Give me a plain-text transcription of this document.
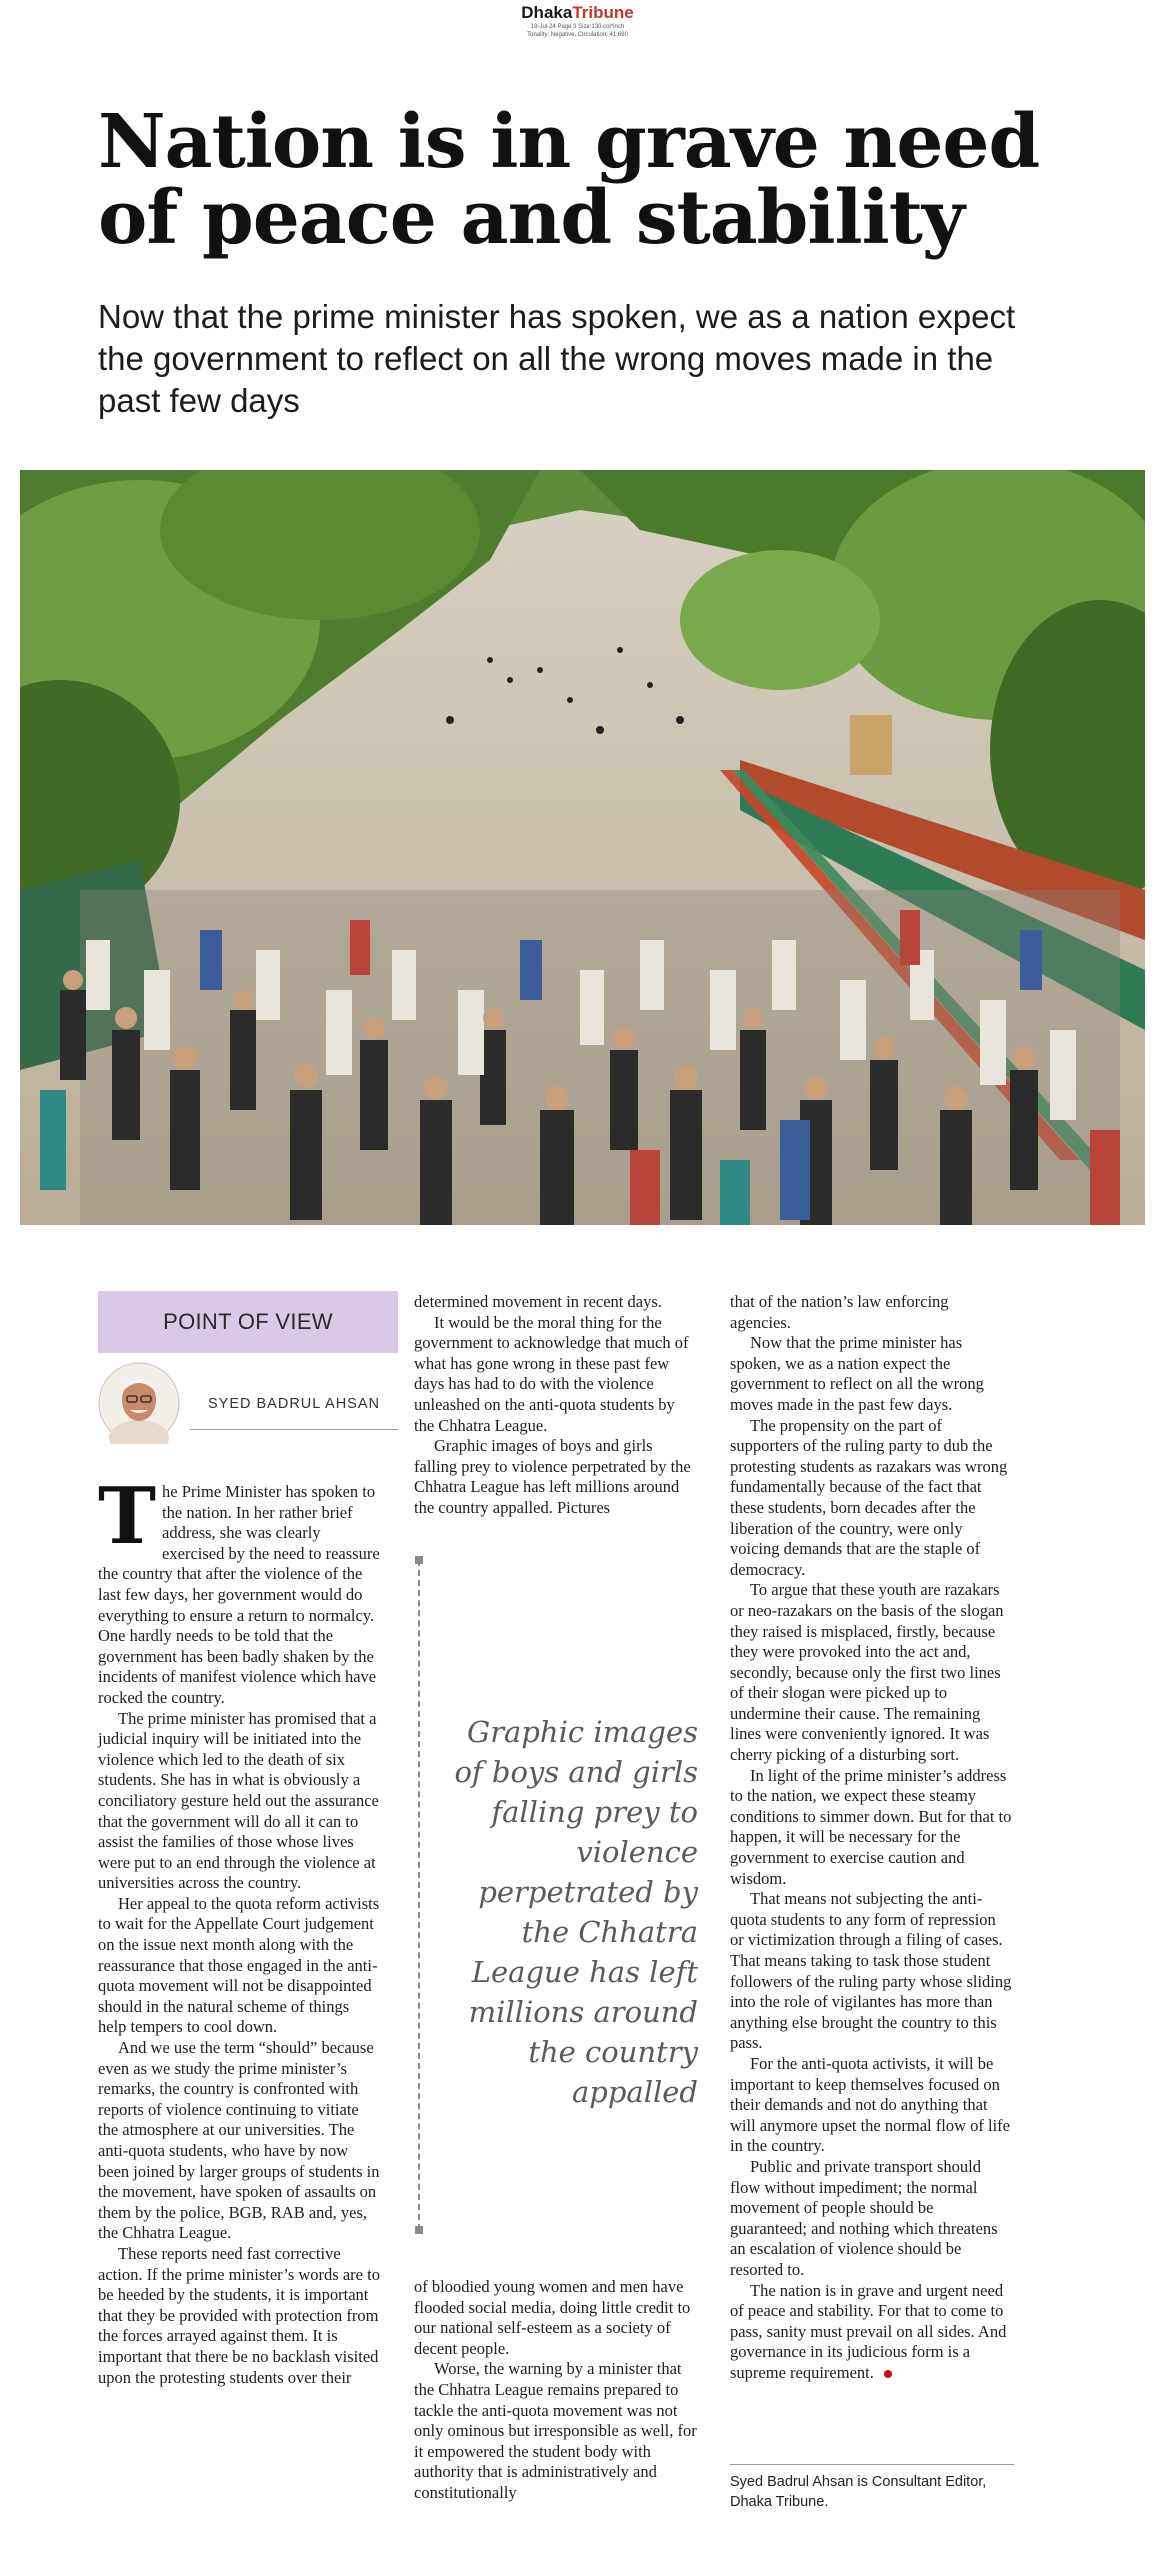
DhakaTribune
19-Jul-24 Page 3 Size:130 col*inch
Tonality: Negative, Circulation: 41,690
Nation is in grave need of peace and stability

Now that the prime minister has spoken, we as a nation expect the government to reflect on all the wrong moves made in the past few days

POINT OF VIEW
SYED BADRUL AHSAN
T he Prime Minister has spoken to the nation. In her rather brief address, she was clearly exercised by the need to reassure the country that after the violence of the last few days, her government would do everything to ensure a return to normalcy. One hardly needs to be told that the government has been badly shaken by the incidents of manifest violence which have rocked the country.

The prime minister has promised that a judicial inquiry will be initiated into the violence which led to the death of six students. She has in what is obviously a conciliatory gesture held out the assurance that the government will do all it can to assist the families of those whose lives were put to an end through the violence at universities across the country.

Her appeal to the quota reform activists to wait for the Appellate Court judgement on the issue next month along with the reassurance that those engaged in the anti-quota movement will not be disappointed should in the natural scheme of things help tempers to cool down.

And we use the term “should” because even as we study the prime minister’s remarks, the country is confronted with reports of violence continuing to vitiate the atmosphere at our universities. The anti-quota students, who have by now been joined by larger groups of students in the movement, have spoken of assaults on them by the police, BGB, RAB and, yes, the Chhatra League.

These reports need fast corrective action. If the prime minister’s words are to be heeded by the students, it is important that they be provided with protection from the forces arrayed against them. It is important that there be no backlash visited upon the protesting students over their

determined movement in recent days.

It would be the moral thing for the government to acknowledge that much of what has gone wrong in these past few days has had to do with the violence unleashed on the anti-quota students by the Chhatra League.

Graphic images of boys and girls falling prey to violence perpetrated by the Chhatra League has left millions around the country appalled. Pictures

Graphic images of boys and girls falling prey to violence perpetrated by the Chhatra League has left millions around the country appalled

of bloodied young women and men have flooded social media, doing little credit to our national self-esteem as a society of decent people.

Worse, the warning by a minister that the Chhatra League remains prepared to tackle the anti-quota movement was not only ominous but irresponsible as well, for it empowered the student body with authority that is administratively and constitutionally

that of the nation’s law enforcing agencies.

Now that the prime minister has spoken, we as a nation expect the government to reflect on all the wrong moves made in the past few days.

The propensity on the part of supporters of the ruling party to dub the protesting students as razakars was wrong fundamentally because of the fact that these students, born decades after the liberation of the country, were only voicing demands that are the staple of democracy.

To argue that these youth are razakars or neo-razakars on the basis of the slogan they raised is misplaced, firstly, because they were provoked into the act and, secondly, because only the first two lines of their slogan were picked up to undermine their cause. The remaining lines were conveniently ignored. It was cherry picking of a disturbing sort.

In light of the prime minister’s address to the nation, we expect these steamy conditions to simmer down. But for that to happen, it will be necessary for the government to exercise caution and wisdom.

That means not subjecting the anti-quota students to any form of repression or victimization through a filing of cases. That means taking to task those student followers of the ruling party whose sliding into the role of vigilantes has more than anything else brought the country to this pass.

For the anti-quota activists, it will be important to keep themselves focused on their demands and not do anything that will anymore upset the normal flow of life in the country.

Public and private transport should flow without impediment; the normal movement of people should be guaranteed; and nothing which threatens an escalation of violence should be resorted to.

The nation is in grave and urgent need of peace and stability. For that to come to pass, sanity must prevail on all sides. And governance in its judicious form is a supreme requirement.

Syed Badrul Ahsan is Consultant Editor, Dhaka Tribune.
